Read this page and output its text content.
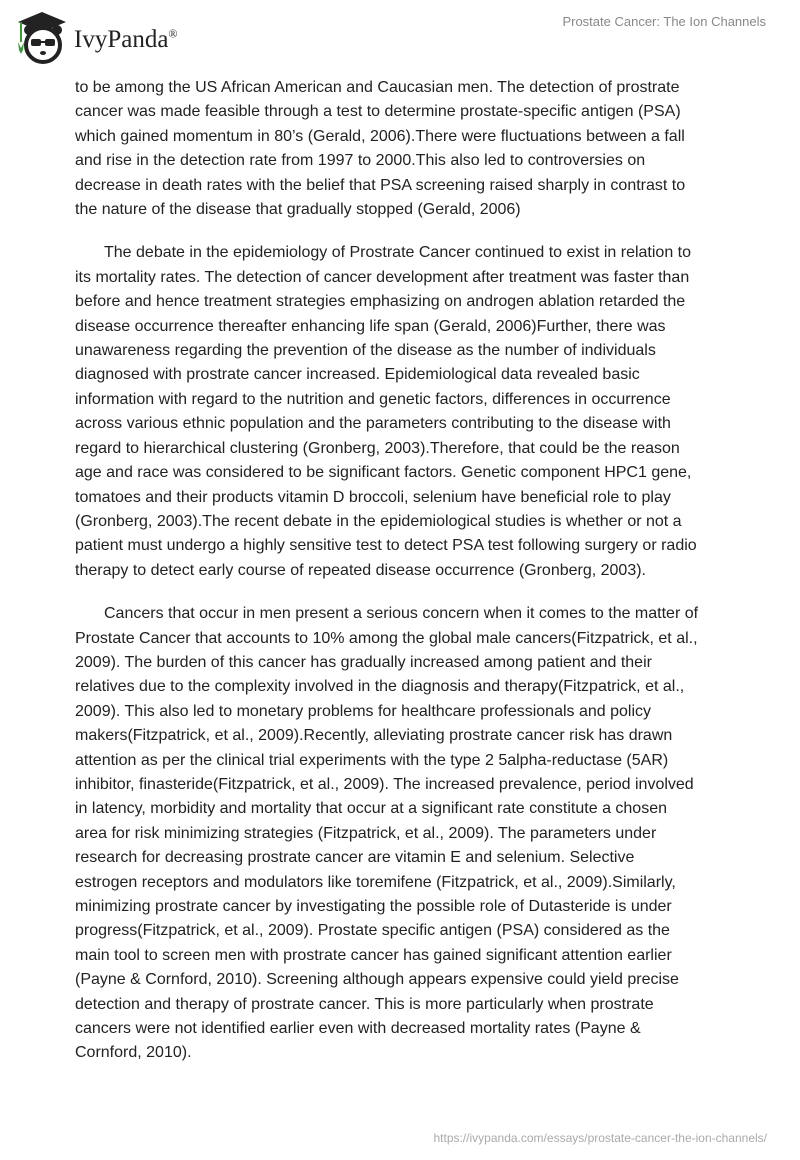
IvyPanda®
Prostate Cancer: The Ion Channels
to be among the US African American and Caucasian men. The detection of prostrate
cancer was made feasible through a test to determine prostate-specific antigen (PSA)
which gained momentum in 80’s (Gerald, 2006).There were fluctuations between a fall
and rise in the detection rate from 1997 to 2000.This also led to controversies on
decrease in death rates with the belief that PSA screening raised sharply in contrast to
the nature of the disease that gradually stopped (Gerald, 2006)
The debate in the epidemiology of Prostrate Cancer continued to exist in relation to
its mortality rates. The detection of cancer development after treatment was faster than
before and hence treatment strategies emphasizing on androgen ablation retarded the
disease occurrence thereafter enhancing life span (Gerald, 2006)Further, there was
unawareness regarding the prevention of the disease as the number of individuals
diagnosed with prostrate cancer increased. Epidemiological data revealed basic
information with regard to the nutrition and genetic factors, differences in occurrence
across various ethnic population and the parameters contributing to the disease with
regard to hierarchical clustering (Gronberg, 2003).Therefore, that could be the reason
age and race was considered to be significant factors. Genetic component HPC1 gene,
tomatoes and their products vitamin D broccoli, selenium have beneficial role to play
(Gronberg, 2003).The recent debate in the epidemiological studies is whether or not a
patient must undergo a highly sensitive test to detect PSA test following surgery or radio
therapy to detect early course of repeated disease occurrence (Gronberg, 2003).
Cancers that occur in men present a serious concern when it comes to the matter of
Prostate Cancer that accounts to 10% among the global male cancers(Fitzpatrick, et al.,
2009). The burden of this cancer has gradually increased among patient and their
relatives due to the complexity involved in the diagnosis and therapy(Fitzpatrick, et al.,
2009). This also led to monetary problems for healthcare professionals and policy
makers(Fitzpatrick, et al., 2009).Recently, alleviating prostrate cancer risk has drawn
attention as per the clinical trial experiments with the type 2 5alpha-reductase (5AR)
inhibitor, finasteride(Fitzpatrick, et al., 2009). The increased prevalence, period involved
in latency, morbidity and mortality that occur at a significant rate constitute a chosen
area for risk minimizing strategies (Fitzpatrick, et al., 2009). The parameters under
research for decreasing prostrate cancer are vitamin E and selenium. Selective
estrogen receptors and modulators like toremifene (Fitzpatrick, et al., 2009).Similarly,
minimizing prostrate cancer by investigating the possible role of Dutasteride is under
progress(Fitzpatrick, et al., 2009). Prostate specific antigen (PSA) considered as the
main tool to screen men with prostrate cancer has gained significant attention earlier
(Payne & Cornford, 2010). Screening although appears expensive could yield precise
detection and therapy of prostrate cancer. This is more particularly when prostrate
cancers were not identified earlier even with decreased mortality rates (Payne &
Cornford, 2010).
https://ivypanda.com/essays/prostate-cancer-the-ion-channels/
